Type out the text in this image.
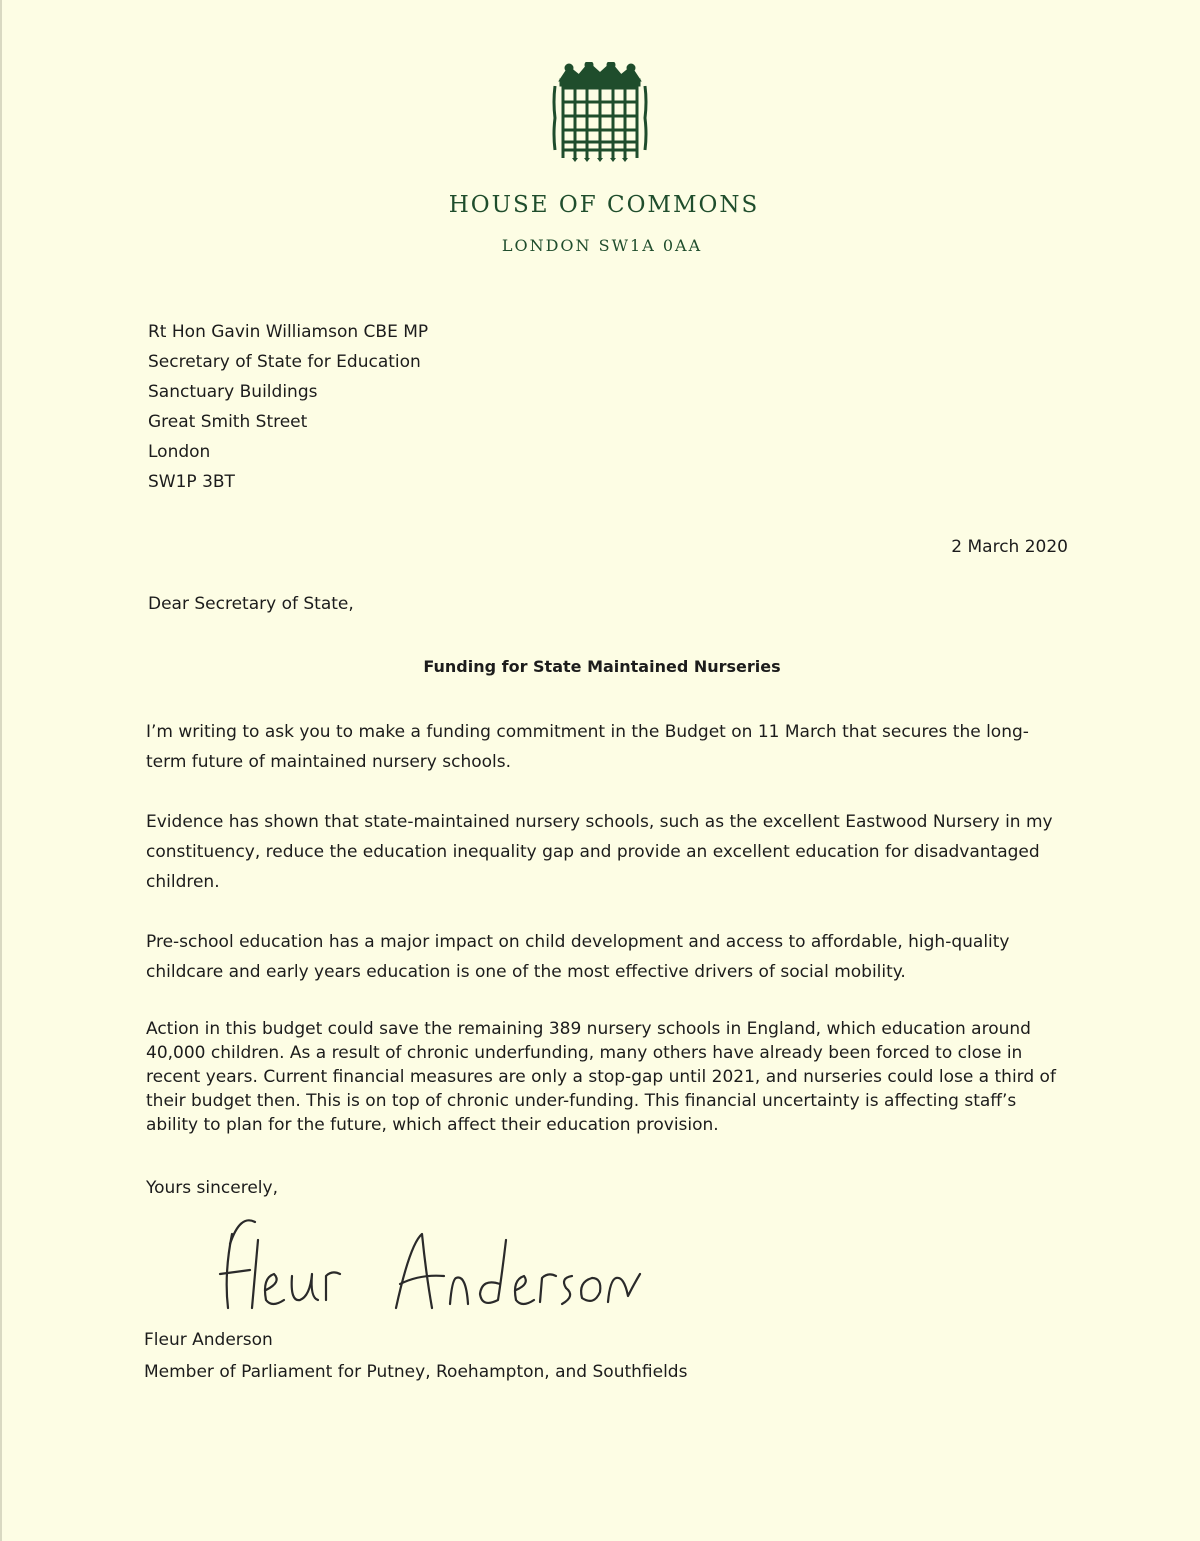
HOUSE OF COMMONS
LONDON SW1A 0AA
Rt Hon Gavin Williamson CBE MP
Secretary of State for Education
Sanctuary Buildings
Great Smith Street
London
SW1P 3BT
2 March 2020
Dear Secretary of State,
Funding for State Maintained Nurseries

I’m writing to ask you to make a funding commitment in the Budget on 11 March that secures the long-term future of maintained nursery schools.

Evidence has shown that state-maintained nursery schools, such as the excellent Eastwood Nursery in my constituency, reduce the education inequality gap and provide an excellent education for disadvantaged children.

Pre-school education has a major impact on child development and access to affordable, high-quality childcare and early years education is one of the most effective drivers of social mobility.

Action in this budget could save the remaining 389 nursery schools in England, which education around 40,000 children. As a result of chronic underfunding, many others have already been forced to close in recent years. Current financial measures are only a stop-gap until 2021, and nurseries could lose a third of their budget then. This is on top of chronic under-funding. This financial uncertainty is affecting staff’s ability to plan for the future, which affect their education provision.

Yours sincerely,
Fleur Anderson
Member of Parliament for Putney, Roehampton, and Southfields
